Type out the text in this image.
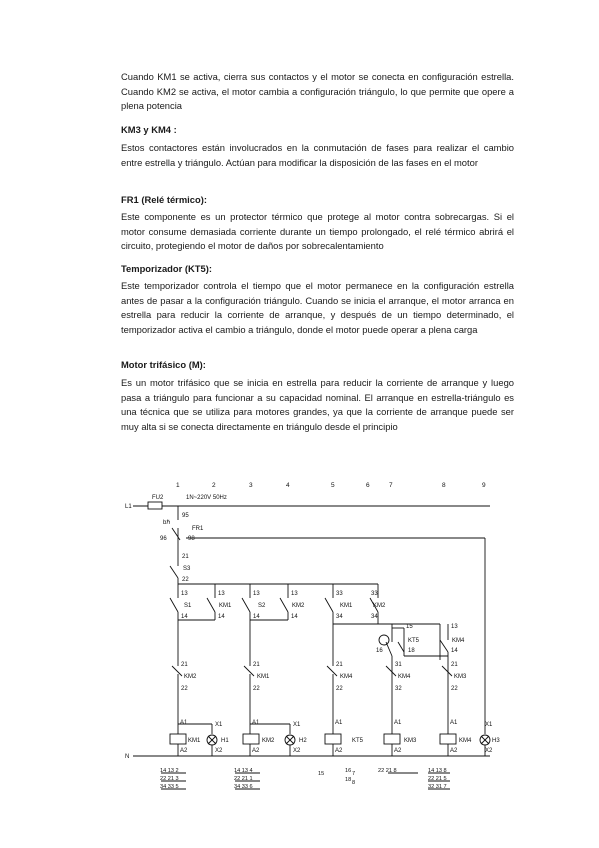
Cuando KM1 se activa, cierra sus contactos y el motor se conecta en configuración estrella. Cuando KM2 se activa, el motor cambia a configuración triángulo, lo que permite que opere a plena potencia

KM3 y KM4 :

Estos contactores están involucrados en la conmutación de fases para realizar el cambio entre estrella y triángulo. Actúan para modificar la disposición de las fases en el motor

FR1 (Relé térmico):

Este componente es un protector térmico que protege al motor contra sobrecargas. Si el motor consume demasiada corriente durante un tiempo prolongado, el relé térmico abrirá el circuito, protegiendo el motor de daños por sobrecalentamiento

Temporizador (KT5):

Este temporizador controla el tiempo que el motor permanece en la configuración estrella antes de pasar a la configuración triángulo. Cuando se inicia el arranque, el motor arranca en estrella para reducir la corriente de arranque, y después de un tiempo determinado, el temporizador activa el cambio a triángulo, donde el motor puede operar a plena carga

Motor trifásico (M):

Es un motor trifásico que se inicia en estrella para reducir la corriente de arranque y luego pasa a triángulo para funcionar a su capacidad nominal. El arranque en estrella-triángulo es una técnica que se utiliza para motores grandes, ya que la corriente de arranque puede ser muy alta si se conecta directamente en triángulo desde el principio

1	2	3	4	5	6	7	8	9
L1
N
FU2	1N~220V 50Hz
95
bℏ
FR1
96	98
21
S3
22
13
S1
14
13
KM1
14
13
S2
14
13
KM2
14
33
KM1
34
33
KM2
34
15
KT5
16	18
13
KM4
14
21
KM2
22
21
KM1
22
21
KM4
22
31
KM4
32
21
KM3
22
A1
A2
KM1
X1
X2
H1
A1
A2
KM2
X1
X2
H2
A1
A2
KT5
A1
A2
KM3
A1
A2
KM4
X1
X2
H3
14 13 2
22 21 3
34 33 5
14 13 4
22 21 1
34 33 6
15	16 7
18 8
22 21 8	14 13 8
22 21 5
32 31 7
